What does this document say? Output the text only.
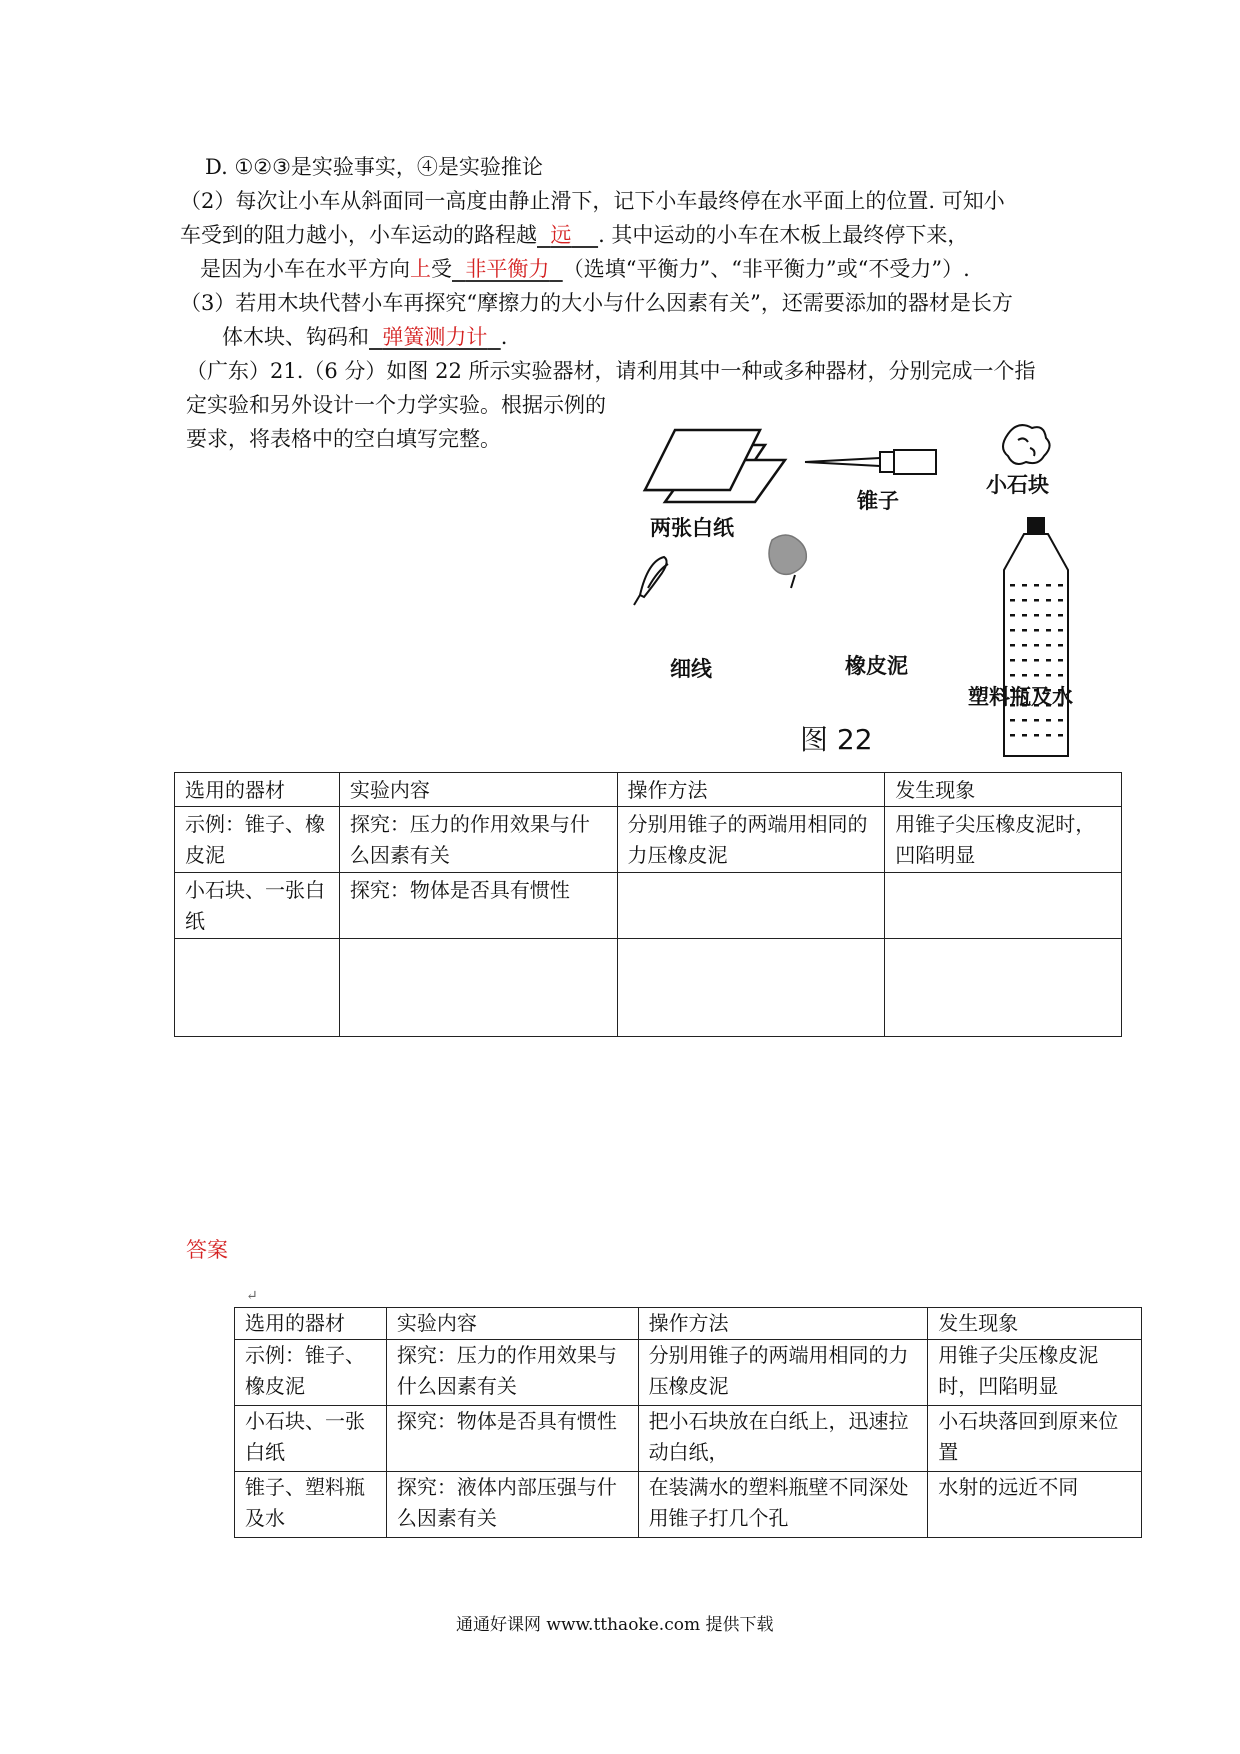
D. ①②③是实验事实，④是实验推论
（2）每次让小车从斜面同一高度由静止滑下，记下小车最终停在水平面上的位置. 可知小
车受到的阻力越小，小车运动的路程越 远 . 其中运动的小车在木板上最终停下来，
是因为小车在水平方向上受 非平衡力 （选填“平衡力”、“非平衡力”或“不受力”）.
（3）若用木块代替小车再探究“摩擦力的大小与什么因素有关”，还需要添加的器材是长方
体木块、钩码和 弹簧测力计 .
（广东）21.（6 分）如图 22 所示实验器材，请利用其中一种或多种器材，分别完成一个指
定实验和另外设计一个力学实验。根据示例的
要求，将表格中的空白填写完整。
两张白纸
锥子
小石块
细线	橡皮泥
塑料瓶及水
图 22
选用的器材	实验内容	操作方法	发生现象
示例：锥子、橡皮泥	探究：压力的作用效果与什么因素有关	分别用锥子的两端用相同的力压橡皮泥	用锥子尖压橡皮泥时，凹陷明显
小石块、一张白纸	探究：物体是否具有惯性		

答案
↵
选用的器材	实验内容	操作方法	发生现象
示例：锥子、橡皮泥	探究：压力的作用效果与什么因素有关	分别用锥子的两端用相同的力压橡皮泥	用锥子尖压橡皮泥时，凹陷明显
小石块、一张白纸	探究：物体是否具有惯性	把小石块放在白纸上，迅速拉动白纸，	小石块落回到原来位置
锥子、塑料瓶及水	探究：液体内部压强与什么因素有关	在装满水的塑料瓶壁不同深处用锥子打几个孔	水射的远近不同
通通好课网 www.tthaoke.com 提供下载
